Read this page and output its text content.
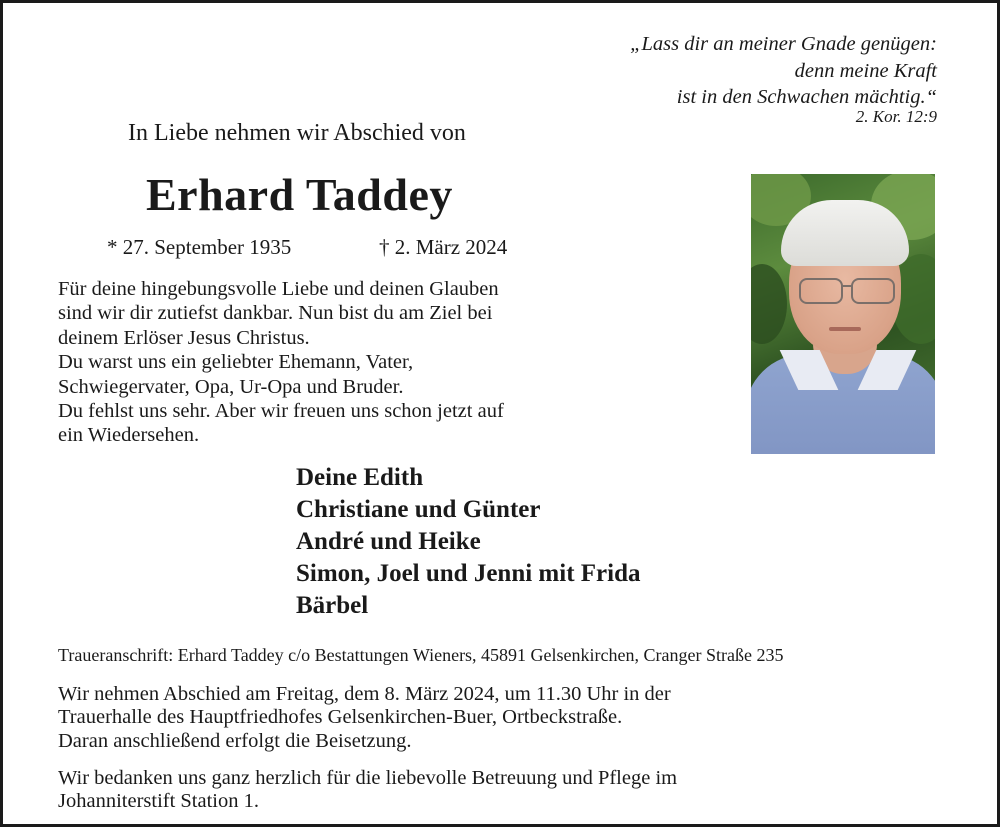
„Lass dir an meiner Gnade genügen:
denn meine Kraft
ist in den Schwachen mächtig.“
2. Kor. 12:9
In Liebe nehmen wir Abschied von
Erhard Taddey
* 27. September 1935	† 2. März 2024
Für deine hingebungsvolle Liebe und deinen Glauben
sind wir dir zutiefst dankbar. Nun bist du am Ziel bei
deinem Erlöser Jesus Christus.
Du warst uns ein geliebter Ehemann, Vater,
Schwiegervater, Opa, Ur-Opa und Bruder.
Du fehlst uns sehr. Aber wir freuen uns schon jetzt auf
ein Wiedersehen.
Deine Edith
Christiane und Günter
André und Heike
Simon, Joel und Jenni mit Frida
Bärbel
Traueranschrift: Erhard Taddey c/o Bestattungen Wieners, 45891 Gelsenkirchen, Cranger Straße 235
Wir nehmen Abschied am Freitag, dem 8. März 2024, um 11.30 Uhr in der
Trauerhalle des Hauptfriedhofes Gelsenkirchen-Buer, Ortbeckstraße.
Daran anschließend erfolgt die Beisetzung.
Wir bedanken uns ganz herzlich für die liebevolle Betreuung und Pflege im
Johanniterstift Station 1.
